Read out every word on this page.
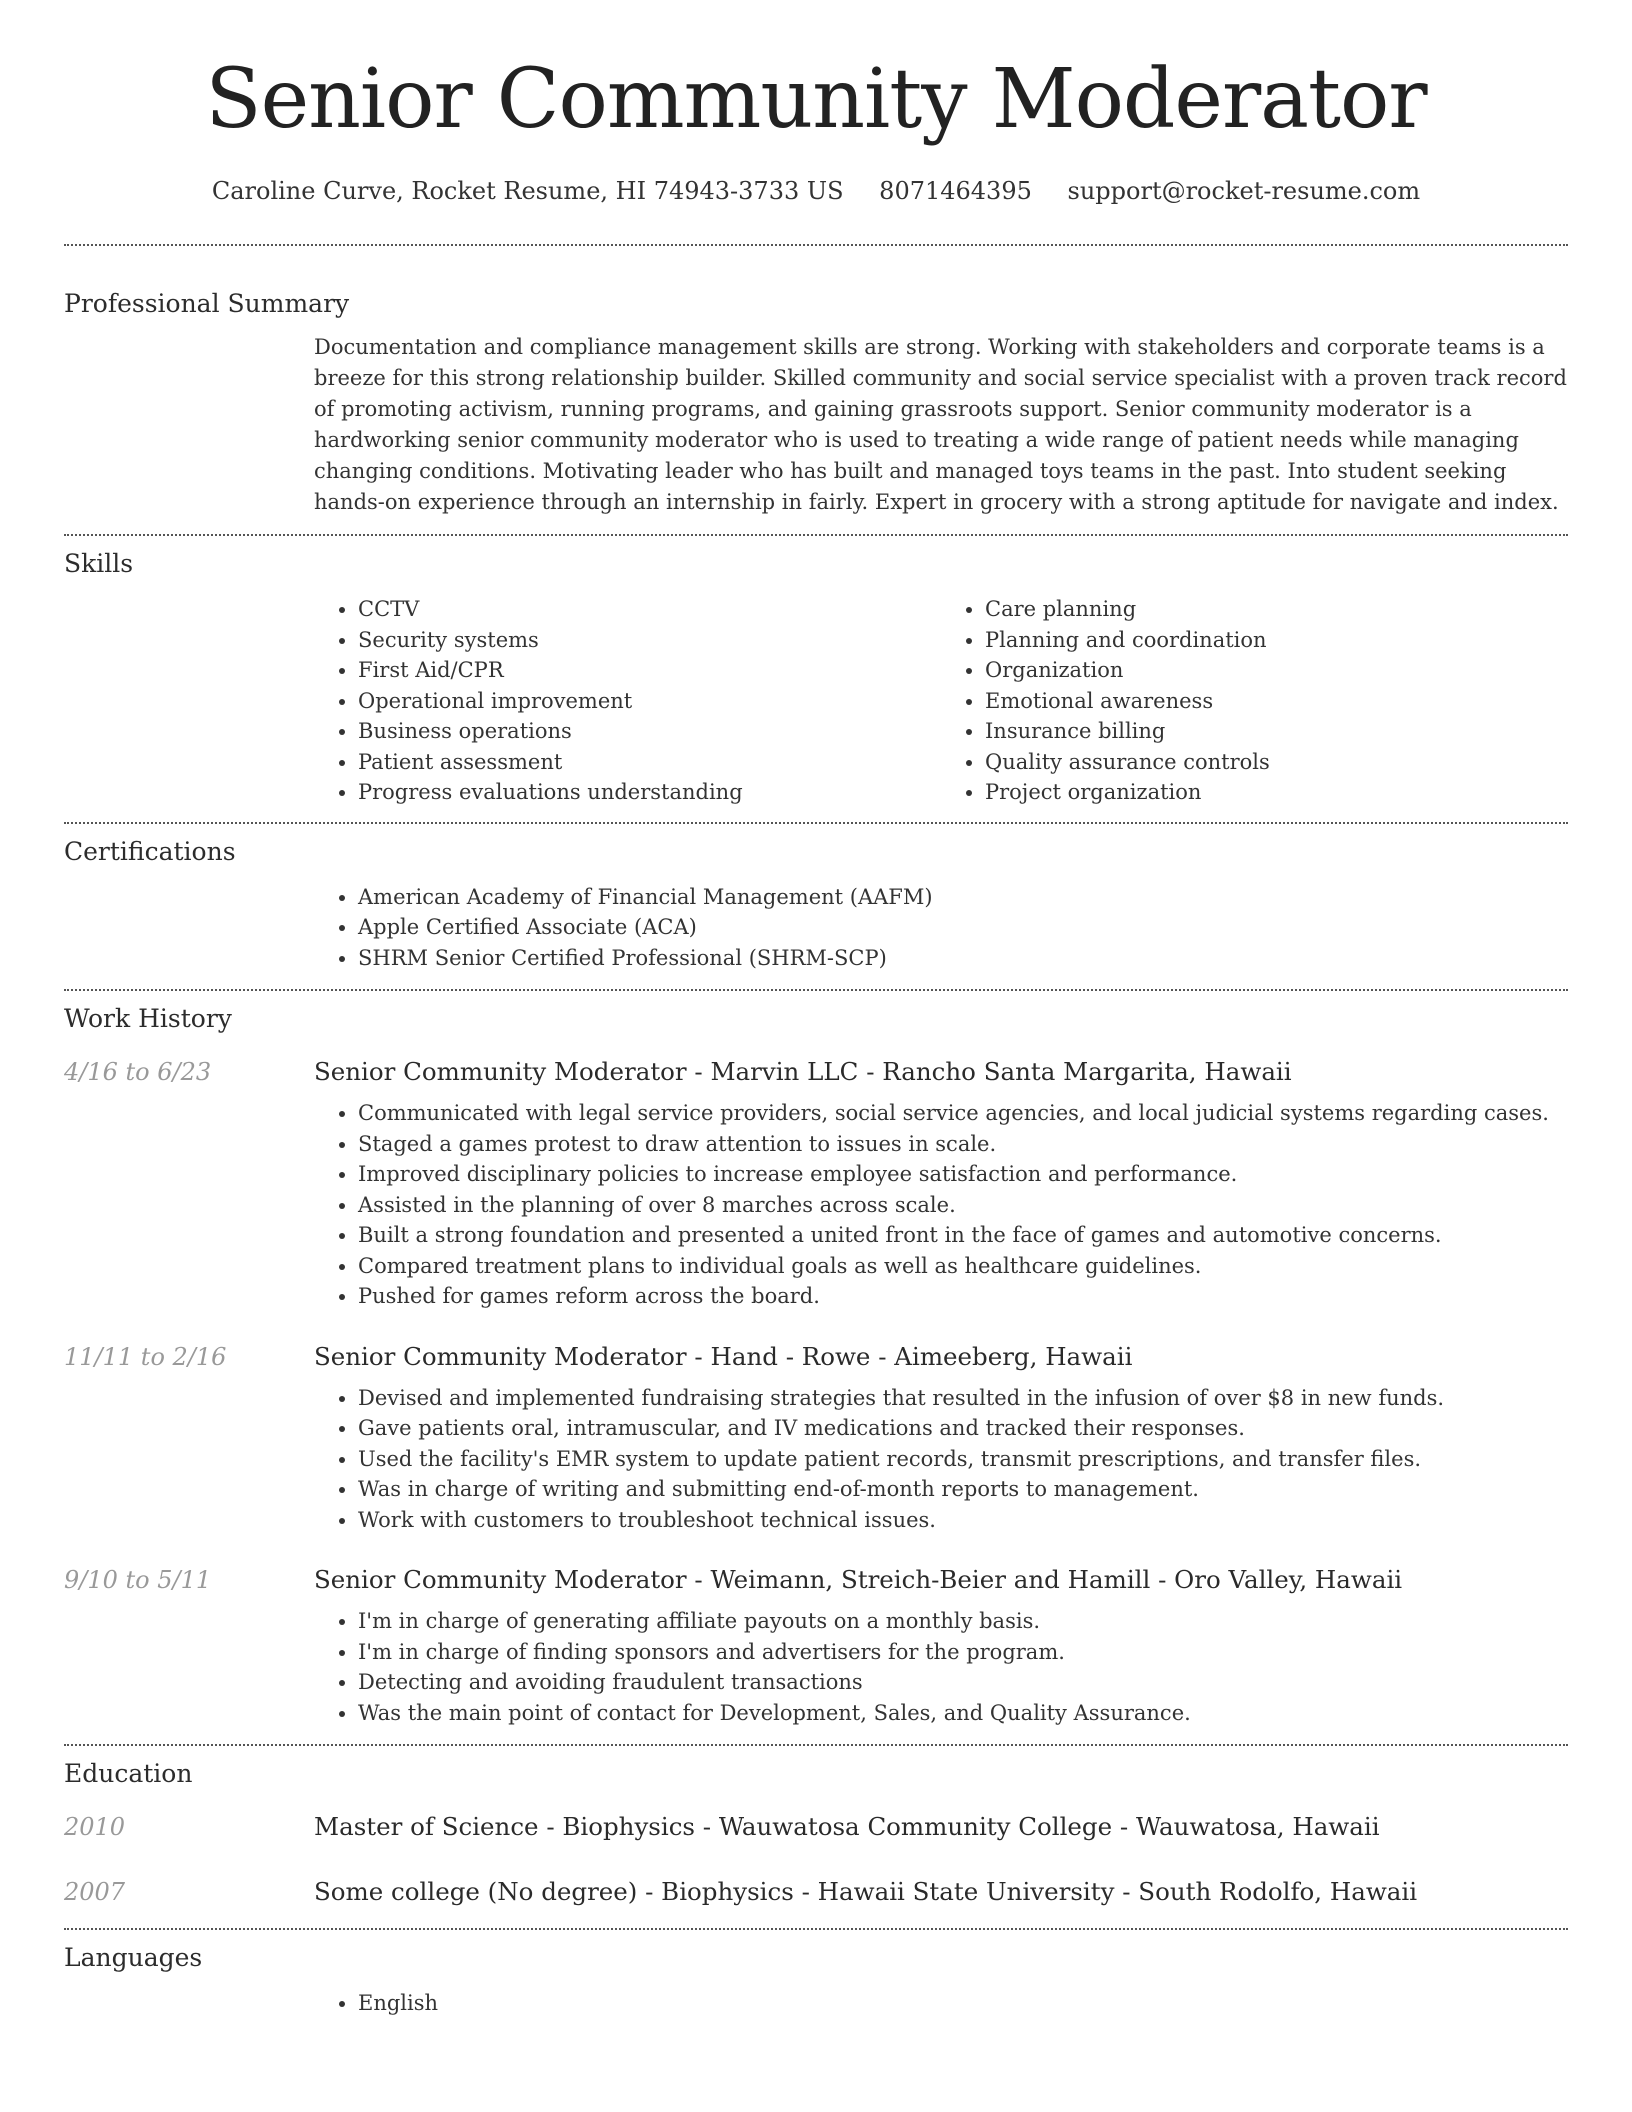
Senior Community Moderator
Caroline Curve, Rocket Resume, HI 74943-3733 US 8071464395 support@rocket-resume.com
Professional Summary

Documentation and compliance management skills are strong. Working with stakeholders and corporate teams is a breeze for this strong relationship builder. Skilled community and social service specialist with a proven track record of promoting activism, running programs, and gaining grassroots support. Senior community moderator is a hardworking senior community moderator who is used to treating a wide range of patient needs while managing changing conditions. Motivating leader who has built and managed toys teams in the past. Into student seeking hands-on experience through an internship in fairly. Expert in grocery with a strong aptitude for navigate and index.

Skills
• CCTV
• Security systems
• First Aid/CPR
• Operational improvement
• Business operations
• Patient assessment
• Progress evaluations understanding
• Care planning
• Planning and coordination
• Organization
• Emotional awareness
• Insurance billing
• Quality assurance controls
• Project organization
Certifications
• American Academy of Financial Management (AAFM)
• Apple Certified Associate (ACA)
• SHRM Senior Certified Professional (SHRM-SCP)
Work History
4/16 to 6/23	Senior Community Moderator - Marvin LLC - Rancho Santa Margarita, Hawaii
• Communicated with legal service providers, social service agencies, and local judicial systems regarding cases.
• Staged a games protest to draw attention to issues in scale.
• Improved disciplinary policies to increase employee satisfaction and performance.
• Assisted in the planning of over 8 marches across scale.
• Built a strong foundation and presented a united front in the face of games and automotive concerns.
• Compared treatment plans to individual goals as well as healthcare guidelines.
• Pushed for games reform across the board.
11/11 to 2/16	Senior Community Moderator - Hand - Rowe - Aimeeberg, Hawaii
• Devised and implemented fundraising strategies that resulted in the infusion of over $8 in new funds.
• Gave patients oral, intramuscular, and IV medications and tracked their responses.
• Used the facility's EMR system to update patient records, transmit prescriptions, and transfer files.
• Was in charge of writing and submitting end-of-month reports to management.
• Work with customers to troubleshoot technical issues.
9/10 to 5/11	Senior Community Moderator - Weimann, Streich-Beier and Hamill - Oro Valley, Hawaii
• I'm in charge of generating affiliate payouts on a monthly basis.
• I'm in charge of finding sponsors and advertisers for the program.
• Detecting and avoiding fraudulent transactions
• Was the main point of contact for Development, Sales, and Quality Assurance.
Education
2010	Master of Science - Biophysics - Wauwatosa Community College - Wauwatosa, Hawaii
2007	Some college (No degree) - Biophysics - Hawaii State University - South Rodolfo, Hawaii
Languages
• English
